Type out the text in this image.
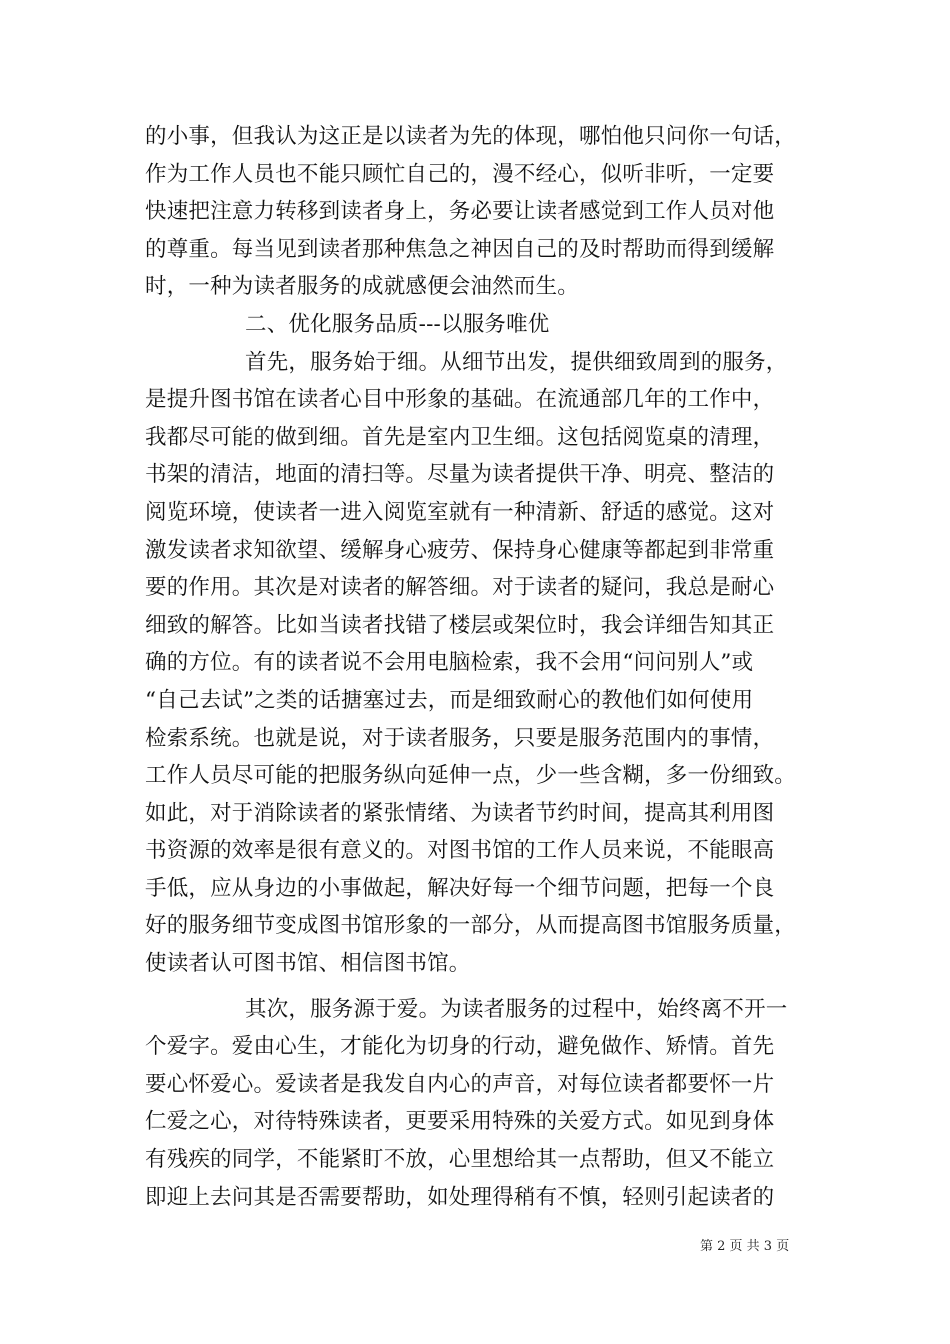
的小事，但我认为这正是以读者为先的体现，哪怕他只问你一句话，
作为工作人员也不能只顾忙自己的，漫不经心，似听非听，一定要
快速把注意力转移到读者身上，务必要让读者感觉到工作人员对他
的尊重。每当见到读者那种焦急之神因自己的及时帮助而得到缓解
时，一种为读者服务的成就感便会油然而生。
二、优化服务品质---以服务唯优
首先，服务始于细。从细节出发，提供细致周到的服务，
是提升图书馆在读者心目中形象的基础。在流通部几年的工作中，
我都尽可能的做到细。首先是室内卫生细。这包括阅览桌的清理，
书架的清洁，地面的清扫等。尽量为读者提供干净、明亮、整洁的
阅览环境，使读者一进入阅览室就有一种清新、舒适的感觉。这对
激发读者求知欲望、缓解身心疲劳、保持身心健康等都起到非常重
要的作用。其次是对读者的解答细。对于读者的疑问，我总是耐心
细致的解答。比如当读者找错了楼层或架位时，我会详细告知其正
确的方位。有的读者说不会用电脑检索，我不会用“问问别人”或
“自己去试”之类的话搪塞过去，而是细致耐心的教他们如何使用
检索系统。也就是说，对于读者服务，只要是服务范围内的事情，
工作人员尽可能的把服务纵向延伸一点，少一些含糊，多一份细致。
如此，对于消除读者的紧张情绪、为读者节约时间，提高其利用图
书资源的效率是很有意义的。对图书馆的工作人员来说，不能眼高
手低，应从身边的小事做起，解决好每一个细节问题，把每一个良
好的服务细节变成图书馆形象的一部分，从而提高图书馆服务质量，
使读者认可图书馆、相信图书馆。
其次，服务源于爱。为读者服务的过程中，始终离不开一
个爱字。爱由心生，才能化为切身的行动，避免做作、矫情。首先
要心怀爱心。爱读者是我发自内心的声音，对每位读者都要怀一片
仁爱之心，对待特殊读者，更要采用特殊的关爱方式。如见到身体
有残疾的同学，不能紧盯不放，心里想给其一点帮助，但又不能立
即迎上去问其是否需要帮助，如处理得稍有不慎，轻则引起读者的
第 2 页 共 3 页
